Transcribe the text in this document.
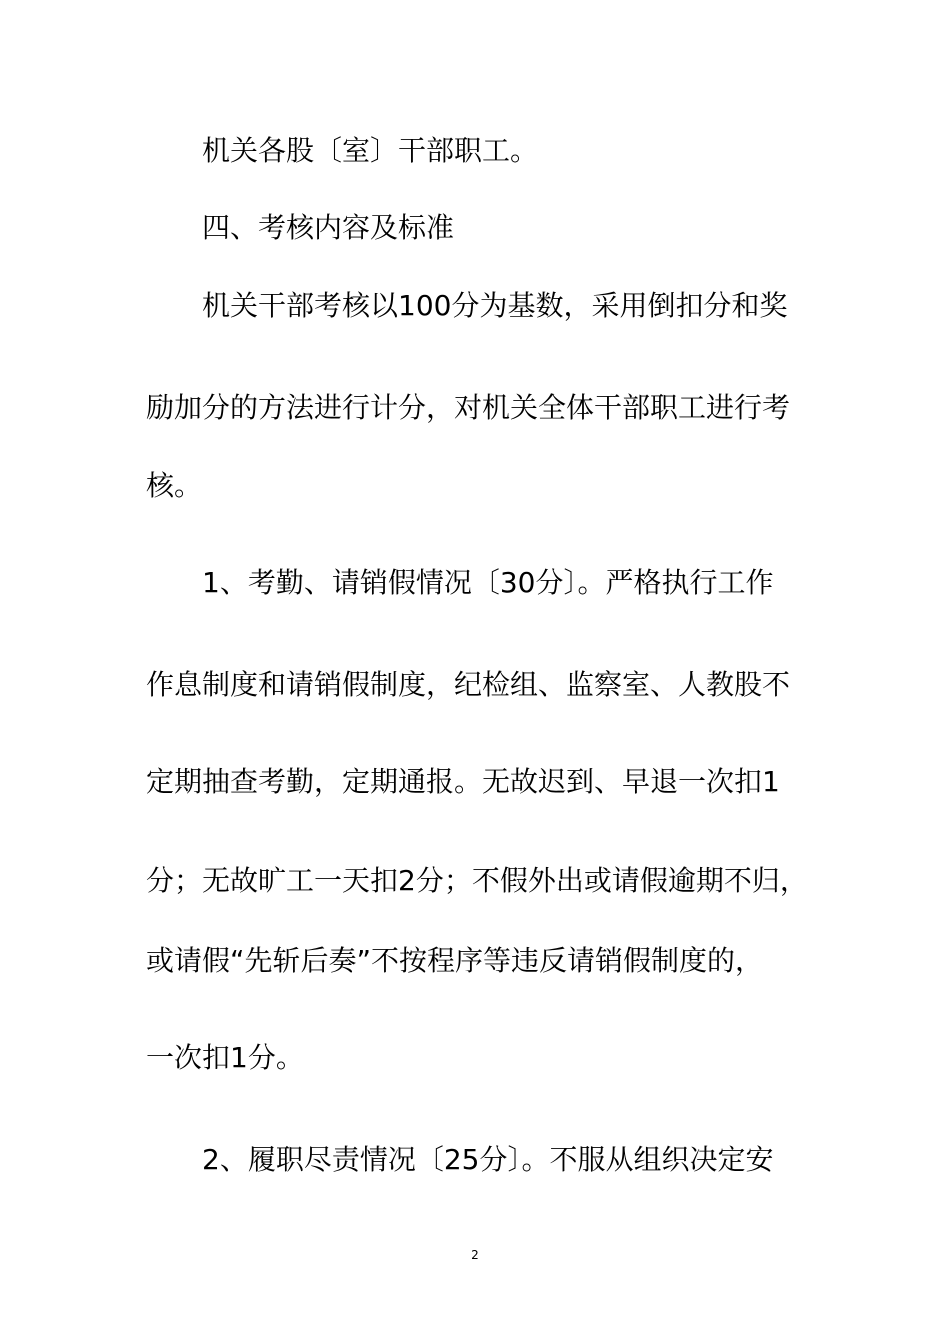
机关各股〔室〕干部职工。
四、考核内容及标准
机关干部考核以100分为基数，采用倒扣分和奖
励加分的方法进行计分，对机关全体干部职工进行考
核。
1、考勤、请销假情况〔30分〕。严格执行工作
作息制度和请销假制度，纪检组、监察室、人教股不
定期抽查考勤，定期通报。无故迟到、早退一次扣1
分；无故旷工一天扣2分；不假外出或请假逾期不归，
或请假“先斩后奏”不按程序等违反请销假制度的，
一次扣1分。
2、履职尽责情况〔25分〕。不服从组织决定安
2
